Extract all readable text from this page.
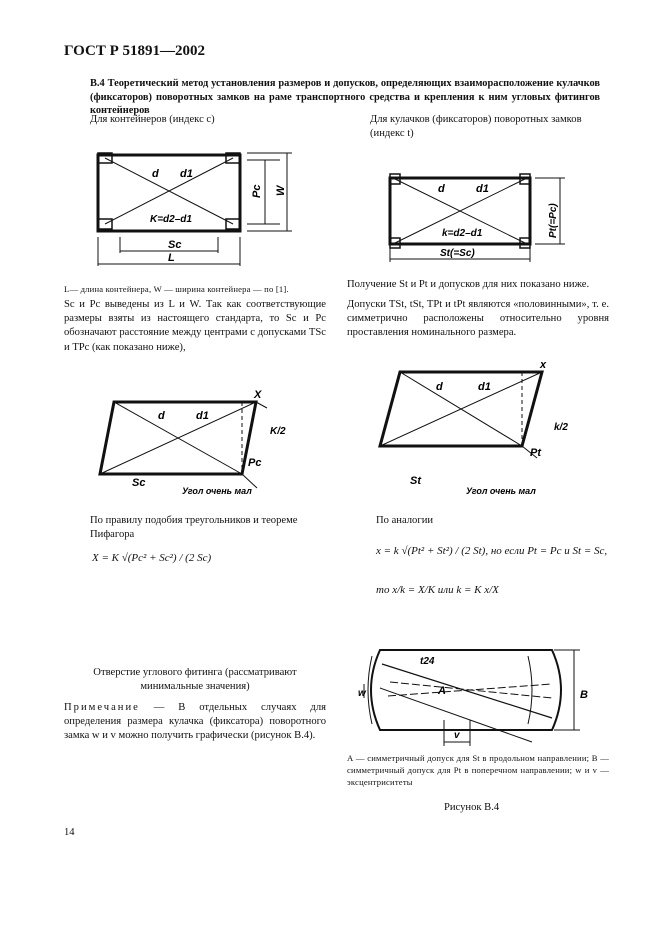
ГОСТ Р 51891—2002
В.4 Теоретический метод установления размеров и допусков, определяющих взаиморасположение кулачков (фиксаторов) поворотных замков на раме транспортного средства и крепления к ним угловых фитингов контейнеров
Для контейнеров (индекс c)
d d1
K=d2–d1
Sc
L
Pc W
L— длина контейнера, W — ширина контейнера — по [1].
Sc и Pc выведены из L и W. Так как соответствующие размеры взяты из настоящего стандарта, то Sc и Pc обозначают расстояние между центрами с допусками TSc и TPc (как показано ниже),
X
d	d1
K/2
Pc
Sc
Угол очень мал
По правилу подобия треугольников и теореме Пифагора
X = K √(Pc² + Sc²) / (2 Sc)
Отверстие углового фитинга (рассматривают минимальные значения)
Примечание — В отдельных случаях для определения размера кулачка (фиксатора) поворотного замка w и v можно получить графически (рисунок В.4).
14
Для кулачков (фиксаторов) поворотных замков (индекс t)
d	d1
k=d2–d1
St(=Sc)
Pt(=Pc)
Получение St и Pt и допусков для них показано ниже.
Допуски TSt, tSt, TPt и tPt являются «половинными», т. е. симметрично расположены относительно уровня проставления номинального размера.
x
d	d1
k/2
Pt
St
Угол очень мал
По аналогии
x = k √(Pt² + St²) / (2 St), но если Pt = Pc и St = Sc,
то x/k = X/K или k = K x/X
t24
A	B
w
v
А — симметричный допуск для St в продольном направлении; В — симметричный допуск для Pt в поперечном направлении; w и v — эксцентриситеты
Рисунок В.4
